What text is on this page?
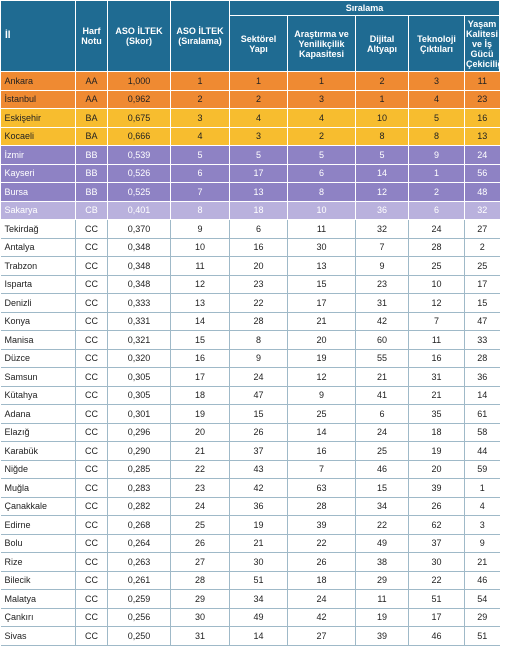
İl	Harf Notu	ASO İLTEK (Skor)	ASO İLTEK (Sıralama)	Sıralama				
				Sektörel Yapı	Araştırma ve Yenilikçilik Kapasitesi	Dijital Altyapı	Teknoloji Çıktıları	Yaşam Kalitesi ve İş Gücü Çekiciliği
Ankara	AA	1,000	1	1	1	2	3	11
İstanbul	AA	0,962	2	2	3	1	4	23
Eskişehir	BA	0,675	3	4	4	10	5	16
Kocaeli	BA	0,666	4	3	2	8	8	13
İzmir	BB	0,539	5	5	5	5	9	24
Kayseri	BB	0,526	6	17	6	14	1	56
Bursa	BB	0,525	7	13	8	12	2	48
Sakarya	CB	0,401	8	18	10	36	6	32
Tekirdağ	CC	0,370	9	6	11	32	24	27
Antalya	CC	0,348	10	16	30	7	28	2
Trabzon	CC	0,348	11	20	13	9	25	25
Isparta	CC	0,348	12	23	15	23	10	17
Denizli	CC	0,333	13	22	17	31	12	15
Konya	CC	0,331	14	28	21	42	7	47
Manisa	CC	0,321	15	8	20	60	11	33
Düzce	CC	0,320	16	9	19	55	16	28
Samsun	CC	0,305	17	24	12	21	31	36
Kütahya	CC	0,305	18	47	9	41	21	14
Adana	CC	0,301	19	15	25	6	35	61
Elazığ	CC	0,296	20	26	14	24	18	58
Karabük	CC	0,290	21	37	16	25	19	44
Niğde	CC	0,285	22	43	7	46	20	59
Muğla	CC	0,283	23	42	63	15	39	1
Çanakkale	CC	0,282	24	36	28	34	26	4
Edirne	CC	0,268	25	19	39	22	62	3
Bolu	CC	0,264	26	21	22	49	37	9
Rize	CC	0,263	27	30	26	38	30	21
Bilecik	CC	0,261	28	51	18	29	22	46
Malatya	CC	0,259	29	34	24	11	51	54
Çankırı	CC	0,256	30	49	42	19	17	29
Sivas	CC	0,250	31	14	27	39	46	51
